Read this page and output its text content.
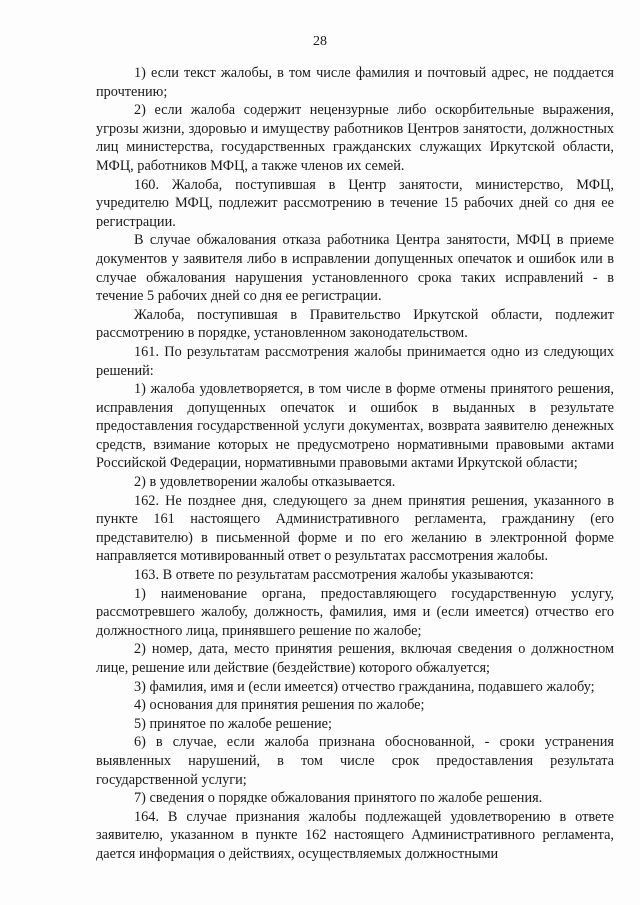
28

1) если текст жалобы, в том числе фамилия и почтовый адрес, не поддается прочтению;

2) если жалоба содержит нецензурные либо оскорбительные выражения, угрозы жизни, здоровью и имуществу работников Центров занятости, должностных лиц министерства, государственных гражданских служащих Иркутской области, МФЦ, работников МФЦ, а также членов их семей.

160. Жалоба, поступившая в Центр занятости, министерство, МФЦ, учредителю МФЦ, подлежит рассмотрению в течение 15 рабочих дней со дня ее регистрации.

В случае обжалования отказа работника Центра занятости, МФЦ в приеме документов у заявителя либо в исправлении допущенных опечаток и ошибок или в случае обжалования нарушения установленного срока таких исправлений - в течение 5 рабочих дней со дня ее регистрации.

Жалоба, поступившая в Правительство Иркутской области, подлежит рассмотрению в порядке, установленном законодательством.

161. По результатам рассмотрения жалобы принимается одно из следующих решений:

1) жалоба удовлетворяется, в том числе в форме отмены принятого решения, исправления допущенных опечаток и ошибок в выданных в результате предоставления государственной услуги документах, возврата заявителю денежных средств, взимание которых не предусмотрено нормативными правовыми актами Российской Федерации, нормативными правовыми актами Иркутской области;

2) в удовлетворении жалобы отказывается.

162. Не позднее дня, следующего за днем принятия решения, указанного в пункте 161 настоящего Административного регламента, гражданину (его представителю) в письменной форме и по его желанию в электронной форме направляется мотивированный ответ о результатах рассмотрения жалобы.

163. В ответе по результатам рассмотрения жалобы указываются:

1) наименование органа, предоставляющего государственную услугу, рассмотревшего жалобу, должность, фамилия, имя и (если имеется) отчество его должностного лица, принявшего решение по жалобе;

2) номер, дата, место принятия решения, включая сведения о должностном лице, решение или действие (бездействие) которого обжалуется;

3) фамилия, имя и (если имеется) отчество гражданина, подавшего жалобу;

4) основания для принятия решения по жалобе;

5) принятое по жалобе решение;

6) в случае, если жалоба признана обоснованной, - сроки устранения выявленных нарушений, в том числе срок предоставления результата государственной услуги;

7) сведения о порядке обжалования принятого по жалобе решения.

164. В случае признания жалобы подлежащей удовлетворению в ответе заявителю, указанном в пункте 162 настоящего Административного регламента, дается информация о действиях, осуществляемых должностными
